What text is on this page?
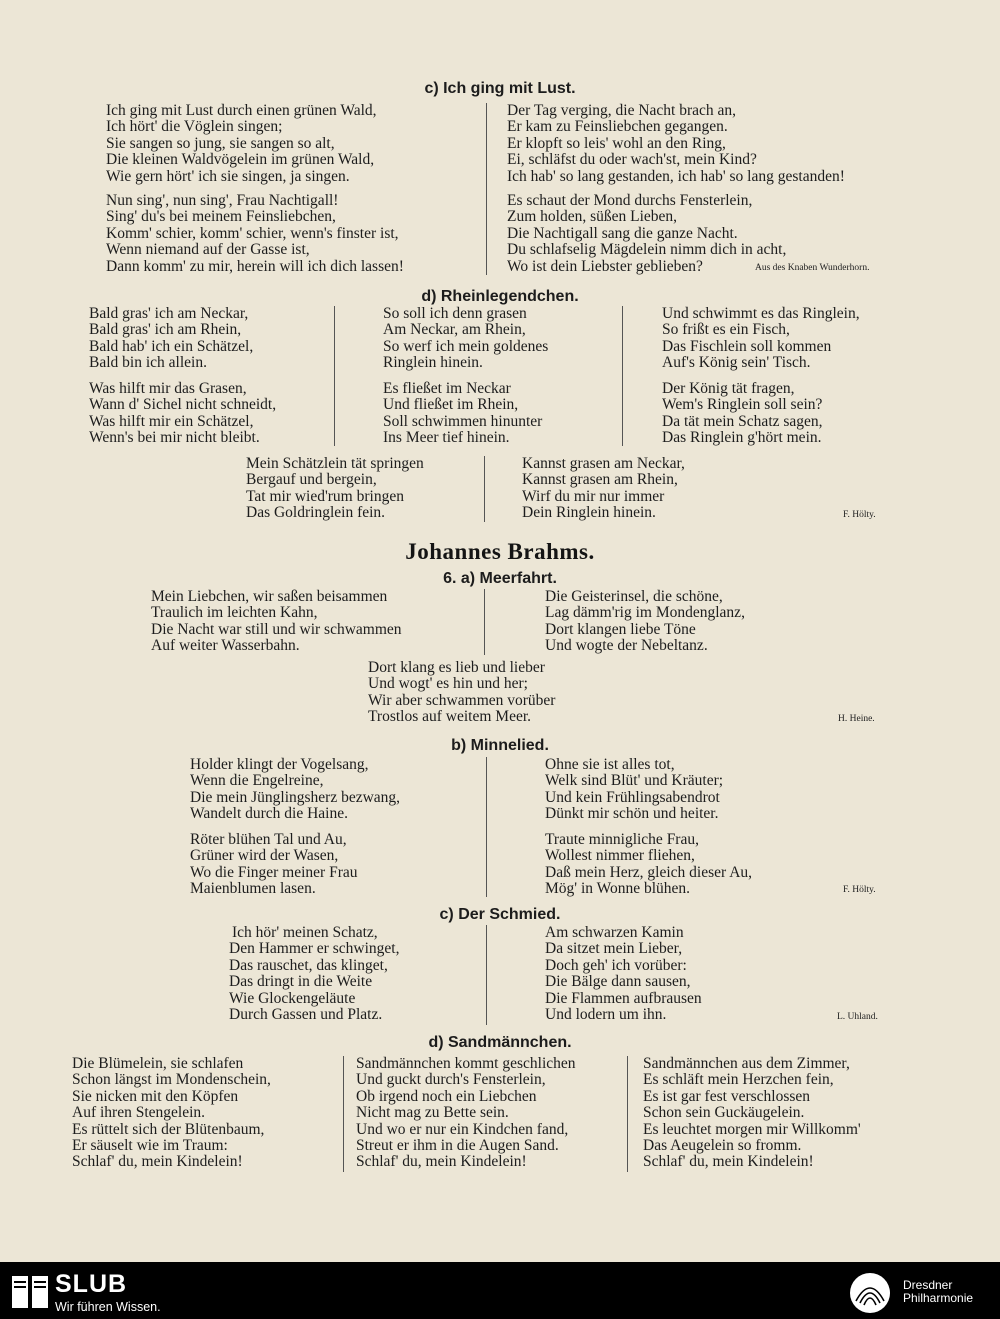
c) Ich ging mit Lust.
Ich ging mit Lust durch einen grünen Wald,
Ich hört' die Vöglein singen;
Sie sangen so jung, sie sangen so alt,
Die kleinen Waldvögelein im grünen Wald,
Wie gern hört' ich sie singen, ja singen.
Nun sing', nun sing', Frau Nachtigall!
Sing' du's bei meinem Feinsliebchen,
Komm' schier, komm' schier, wenn's finster ist,
Wenn niemand auf der Gasse ist,
Dann komm' zu mir, herein will ich dich lassen!
Der Tag verging, die Nacht brach an,
Er kam zu Feinsliebchen gegangen.
Er klopft so leis' wohl an den Ring,
Ei, schläfst du oder wach'st, mein Kind?
Ich hab' so lang gestanden, ich hab' so lang gestanden!
Es schaut der Mond durchs Fensterlein,
Zum holden, süßen Lieben,
Die Nachtigall sang die ganze Nacht.
Du schlafselig Mägdelein nimm dich in acht,
Wo ist dein Liebster geblieben?	Aus des Knaben Wunderhorn.
d) Rheinlegendchen.
Bald gras' ich am Neckar,
Bald gras' ich am Rhein,
Bald hab' ich ein Schätzel,
Bald bin ich allein.
Was hilft mir das Grasen,
Wann d' Sichel nicht schneidt,
Was hilft mir ein Schätzel,
Wenn's bei mir nicht bleibt.
So soll ich denn grasen
Am Neckar, am Rhein,
So werf ich mein goldenes
Ringlein hinein.
Es fließet im Neckar
Und fließet im Rhein,
Soll schwimmen hinunter
Ins Meer tief hinein.
Und schwimmt es das Ringlein,
So frißt es ein Fisch,
Das Fischlein soll kommen
Auf's König sein' Tisch.
Der König tät fragen,
Wem's Ringlein soll sein?
Da tät mein Schatz sagen,
Das Ringlein g'hört mein.
Mein Schätzlein tät springen
Bergauf und bergein,
Tat mir wied'rum bringen
Das Goldringlein fein.
Kannst grasen am Neckar,
Kannst grasen am Rhein,
Wirf du mir nur immer
Dein Ringlein hinein.	F. Hölty.
Johannes Brahms.
6. a) Meerfahrt.
Mein Liebchen, wir saßen beisammen
Traulich im leichten Kahn,
Die Nacht war still und wir schwammen
Auf weiter Wasserbahn.
Die Geisterinsel, die schöne,
Lag dämm'rig im Mondenglanz,
Dort klangen liebe Töne
Und wogte der Nebeltanz.
Dort klang es lieb und lieber
Und wogt' es hin und her;
Wir aber schwammen vorüber
Trostlos auf weitem Meer.	H. Heine.
b) Minnelied.
Holder klingt der Vogelsang,
Wenn die Engelreine,
Die mein Jünglingsherz bezwang,
Wandelt durch die Haine.
Röter blühen Tal und Au,
Grüner wird der Wasen,
Wo die Finger meiner Frau
Maienblumen lasen.
Ohne sie ist alles tot,
Welk sind Blüt' und Kräuter;
Und kein Frühlingsabendrot
Dünkt mir schön und heiter.
Traute minnigliche Frau,
Wollest nimmer fliehen,
Daß mein Herz, gleich dieser Au,
Mög' in Wonne blühen.	F. Hölty.
c) Der Schmied.
Ich hör' meinen Schatz,
Den Hammer er schwinget,
Das rauschet, das klinget,
Das dringt in die Weite
Wie Glockengeläute
Durch Gassen und Platz.
Am schwarzen Kamin
Da sitzet mein Lieber,
Doch geh' ich vorüber:
Die Bälge dann sausen,
Die Flammen aufbrausen
Und lodern um ihn.	L. Uhland.
d) Sandmännchen.
Die Blümelein, sie schlafen
Schon längst im Mondenschein,
Sie nicken mit den Köpfen
Auf ihren Stengelein.
Es rüttelt sich der Blütenbaum,
Er säuselt wie im Traum:
Schlaf' du, mein Kindelein!
Sandmännchen kommt geschlichen
Und guckt durch's Fensterlein,
Ob irgend noch ein Liebchen
Nicht mag zu Bette sein.
Und wo er nur ein Kindchen fand,
Streut er ihm in die Augen Sand.
Schlaf' du, mein Kindelein!
Sandmännchen aus dem Zimmer,
Es schläft mein Herzchen fein,
Es ist gar fest verschlossen
Schon sein Guckäugelein.
Es leuchtet morgen mir Willkomm'
Das Aeugelein so fromm.
Schlaf' du, mein Kindelein!
SLUB
Wir führen Wissen.
Dresdner
Philharmonie
